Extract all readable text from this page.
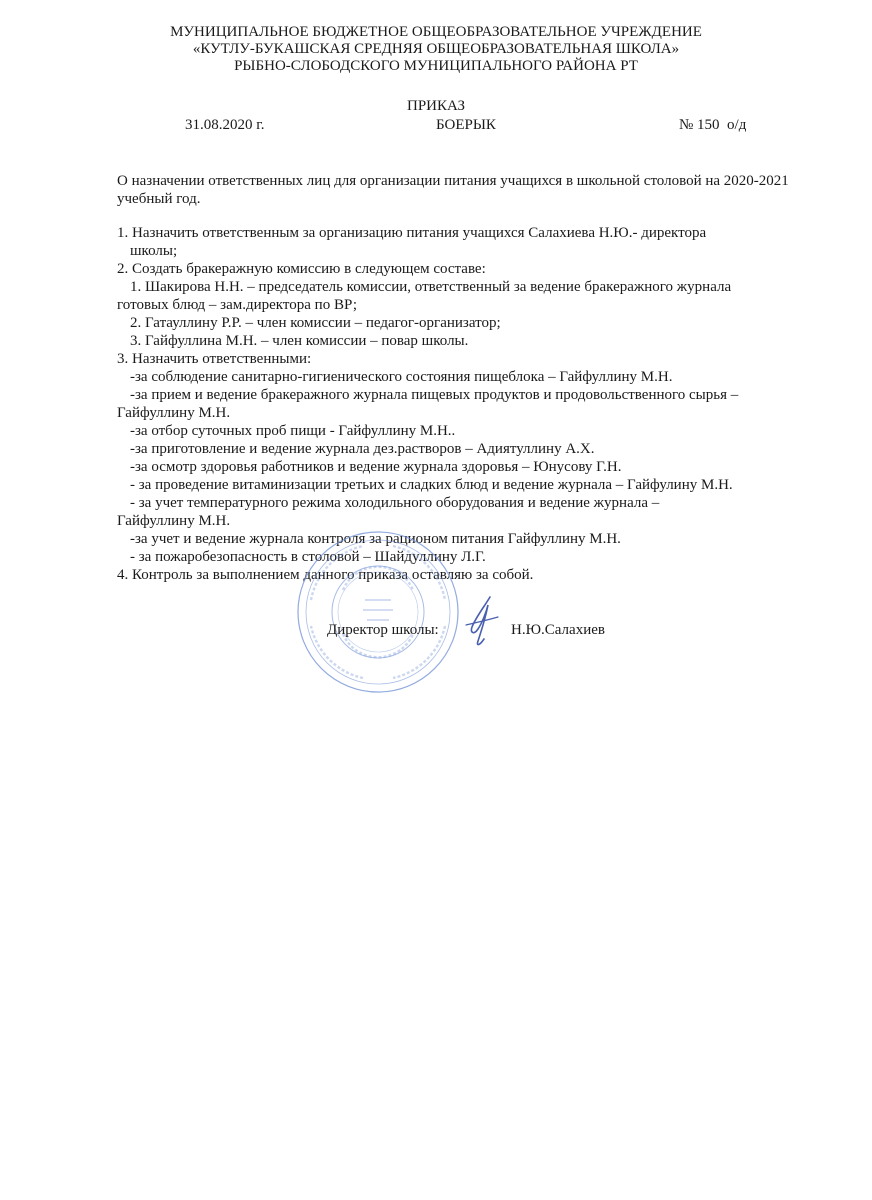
МУНИЦИПАЛЬНОЕ БЮДЖЕТНОЕ ОБЩЕОБРАЗОВАТЕЛЬНОЕ УЧРЕЖДЕНИЕ
«КУТЛУ-БУКАШСКАЯ СРЕДНЯЯ ОБЩЕОБРАЗОВАТЕЛЬНАЯ ШКОЛА»
РЫБНО-СЛОБОДСКОГО МУНИЦИПАЛЬНОГО РАЙОНА РТ
ПРИКАЗ
31.08.2020 г.	БОЕРЫК	№ 150  о/д
О назначении ответственных лиц для организации питания учащихся в школьной столовой на 2020-2021 учебный год.
1. Назначить ответственным за организацию питания учащихся Салахиева Н.Ю.- директора
школы;
2. Создать бракеражную комиссию в следующем составе:
1. Шакирова Н.Н. – председатель комиссии, ответственный за ведение бракеражного журнала
готовых блюд – зам.директора по ВР;
2. Гатауллину Р.Р. – член комиссии – педагог-организатор;
3. Гайфуллина М.Н. – член комиссии – повар школы.
3. Назначить ответственными:
-за соблюдение санитарно-гигиенического состояния пищеблока – Гайфуллину М.Н.
-за прием и ведение бракеражного журнала пищевых продуктов и продовольственного сырья –
Гайфуллину М.Н.
-за отбор суточных проб пищи - Гайфуллину М.Н..
-за приготовление и ведение журнала дез.растворов – Адиятуллину А.Х.
-за осмотр здоровья работников и ведение журнала здоровья – Юнусову Г.Н.
- за проведение витаминизации третьих и сладких блюд и ведение журнала – Гайфулину М.Н.
- за учет температурного режима холодильного оборудования и ведение журнала –
Гайфуллину М.Н.
-за учет и ведение журнала контроля за рационом питания Гайфуллину М.Н.
- за пожаробезопасность в столовой – Шайдуллину Л.Г.
4. Контроль за выполнением данного приказа оставляю за собой.
Директор школы:	Н.Ю.Салахиев
